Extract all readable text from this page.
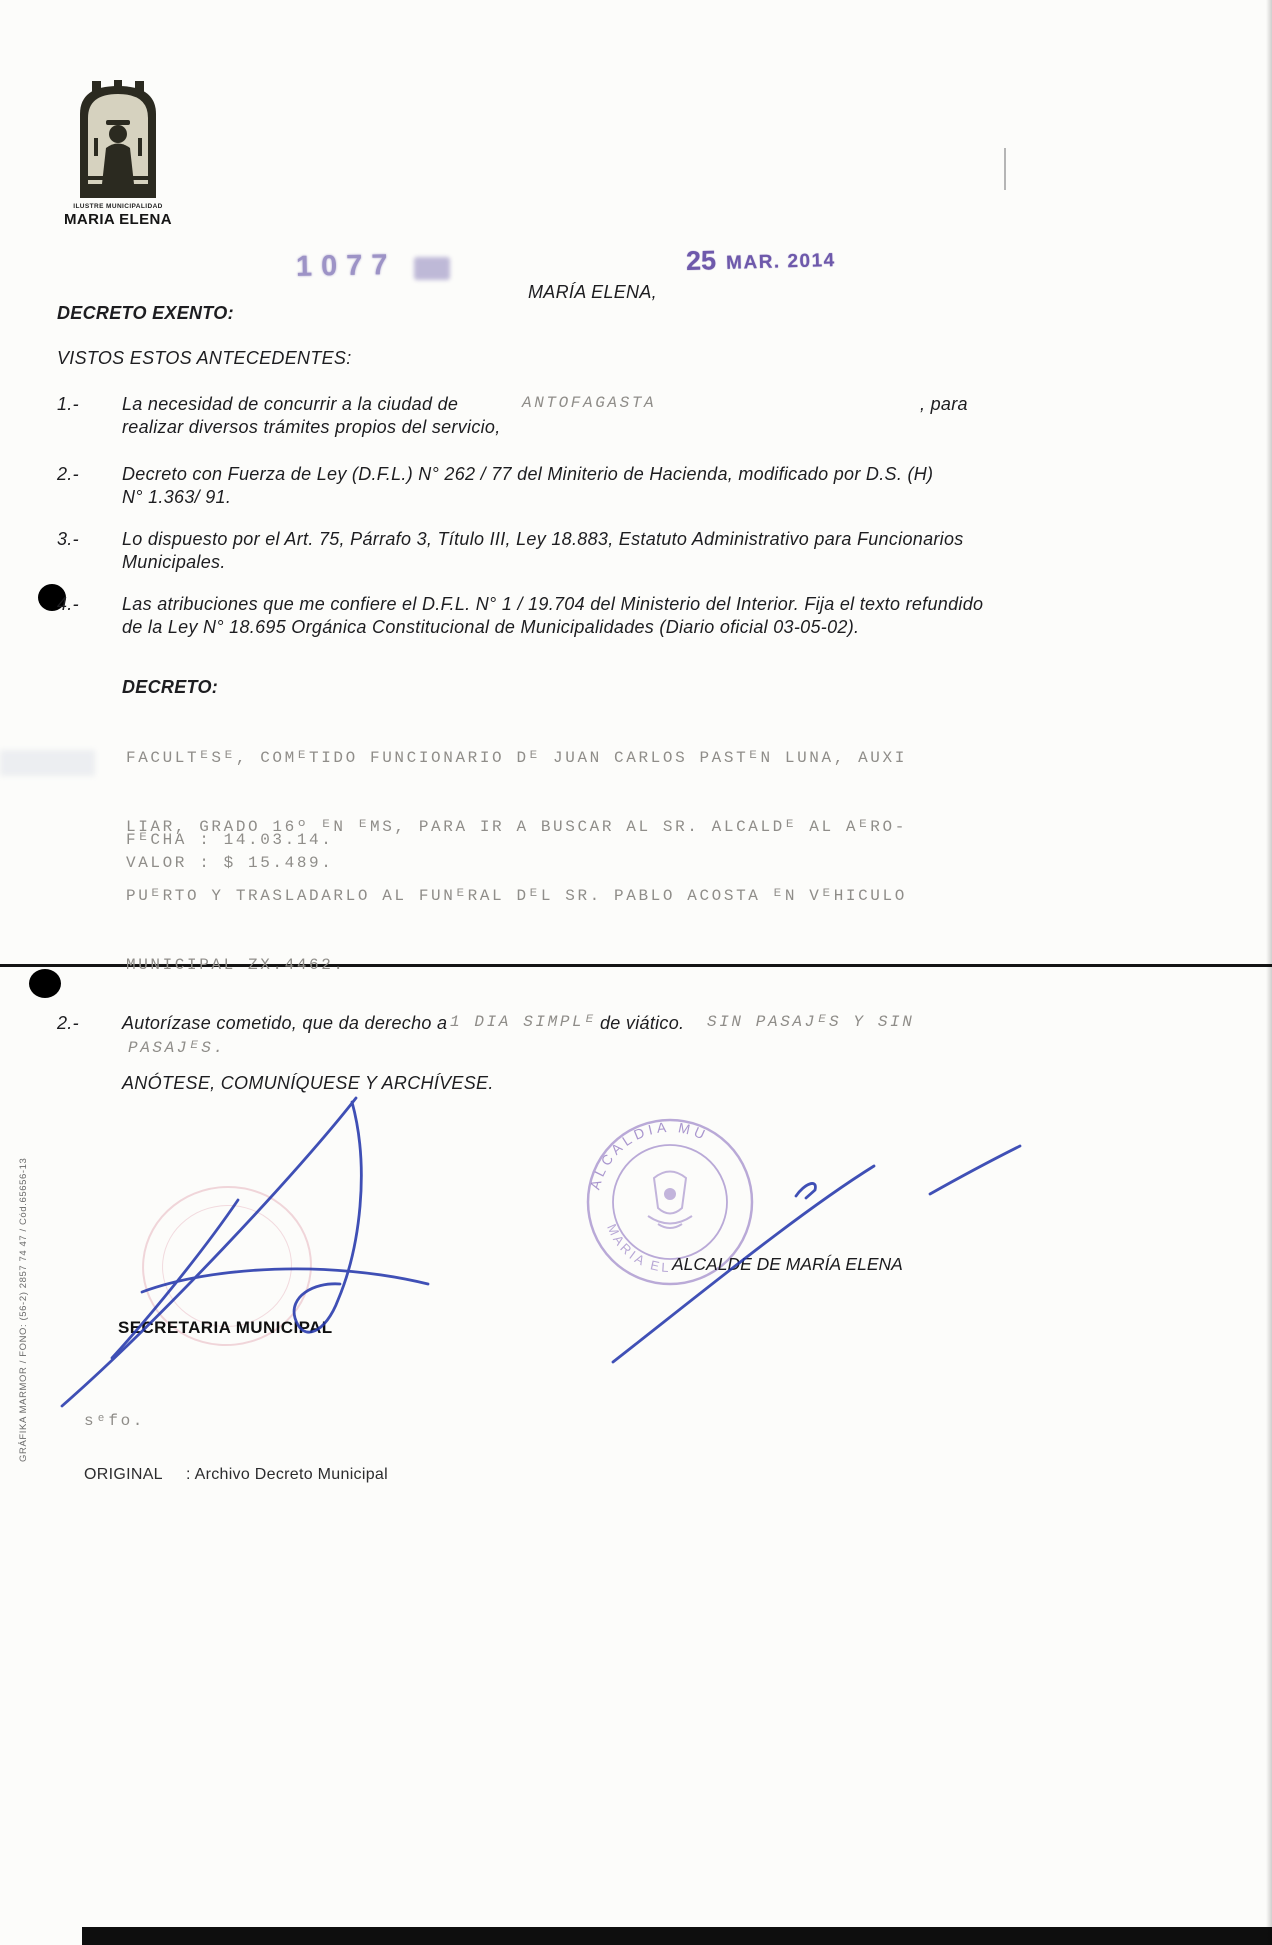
ILUSTRE MUNICIPALIDAD
MARIA ELENA
1077	25 MAR. 2014
MARÍA ELENA,
DECRETO EXENTO:
VISTOS ESTOS ANTECEDENTES:
1.- La necesidad de concurrir a la ciudad de	ANTOFAGASTA	, para
realizar diversos trámites propios del servicio,
2.- Decreto con Fuerza de Ley (D.F.L.) N° 262 / 77 del Miniterio de Hacienda, modificado por D.S. (H)
N° 1.363/ 91.
3.- Lo dispuesto por el Art. 75, Párrafo 3, Título III, Ley 18.883, Estatuto Administrativo para Funcionarios
Municipales.
4.- Las atribuciones que me confiere el D.F.L. N° 1 / 19.704 del Ministerio del Interior. Fija el texto refundido
de la Ley N° 18.695 Orgánica Constitucional de Municipalidades (Diario oficial 03-05-02).
DECRETO:

FACULTᴱSᴱ, COMᴱTIDO FUNCIONARIO Dᴱ JUAN CARLOS PASTᴱN LUNA, AUXI

LIAR, GRADO 16º ᴱN ᴱMS, PARA IR A BUSCAR AL SR. ALCALDᴱ AL AᴱRO-

PUᴱRTO Y TRASLADARLO AL FUNᴱRAL DᴱL SR. PABLO ACOSTA ᴱN VᴱHICULO

MUNICIPAL ZX.4462.

FᴱCHA : 14.03.14.
VALOR : $ 15.489.
2.- Autorízase cometido, que da derecho a 1 DIA SIMPLᴱ de viático. SIN PASAJᴱS Y SIN
PASAJᴱS.
ANÓTESE, COMUNÍQUESE Y ARCHÍVESE.
ALCALDIA MU
MARIA EL
SECRETARIA MUNICIPAL
ALCALDE DE MARÍA ELENA
sᵉfo.
ORIGINAL : Archivo Decreto Municipal
GRÁFIKA MARMOR / FONO: (56-2) 2857 74 47 / Cód.65656-13
